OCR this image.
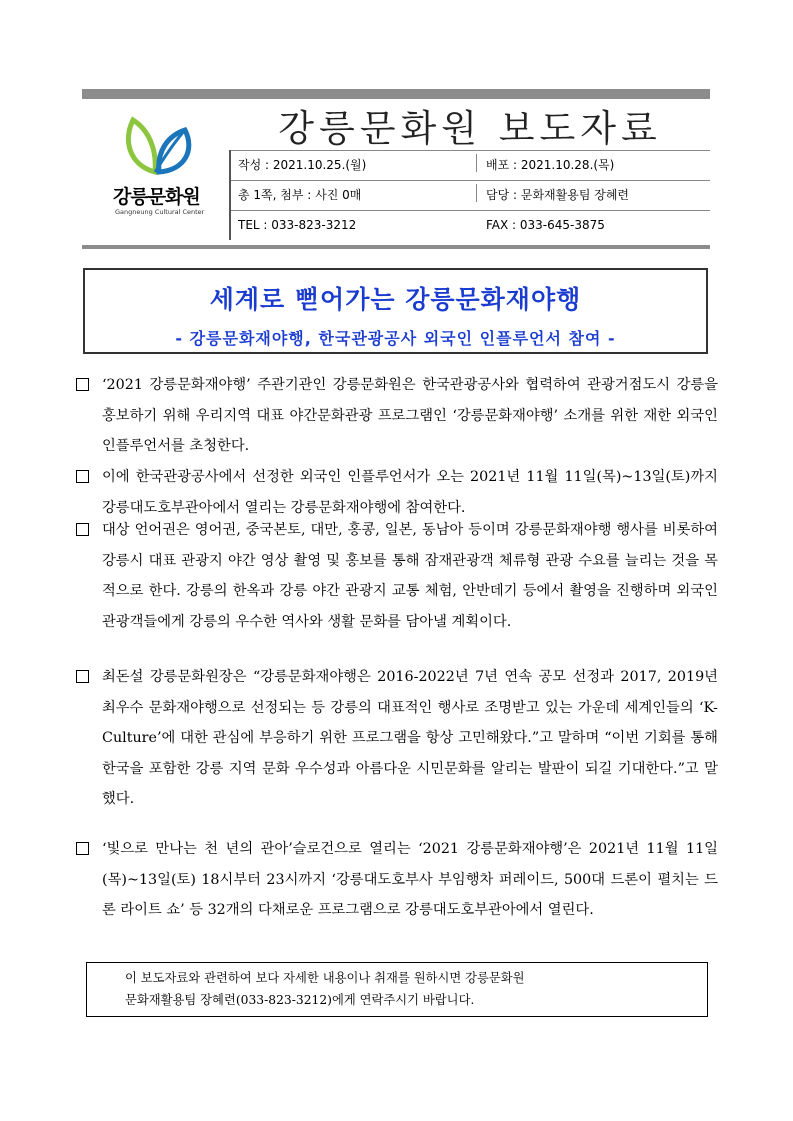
강릉문화원
Gangneung Cultural Center
강릉문화원 보도자료
작성 : 2021.10.25.(월)	배포 : 2021.10.28.(목)
총 1쪽, 첨부 : 사진 0매	담당 : 문화재활용팀 장혜련
TEL : 033-823-3212	FAX : 033-645-3875
세계로 뻗어가는 강릉문화재야행
- 강릉문화재야행, 한국관광공사 외국인 인플루언서 참여 -
‘2021 강릉문화재야행’ 주관기관인 강릉문화원은 한국관광공사와 협력하여 관광거점도시 강릉을 홍보하기 위해 우리지역 대표 야간문화관광 프로그램인 ‘강릉문화재야행’ 소개를 위한 재한 외국인 인플루언서를 초청한다.
이에 한국관광공사에서 선정한 외국인 인플루언서가 오는 2021년 11월 11일(목)~13일(토)까지 강릉대도호부관아에서 열리는 강릉문화재야행에 참여한다.
대상 언어권은 영어권, 중국본토, 대만, 홍콩, 일본, 동남아 등이며 강릉문화재야행 행사를 비롯하여 강릉시 대표 관광지 야간 영상 촬영 및 홍보를 통해 잠재관광객 체류형 관광 수요를 늘리는 것을 목적으로 한다. 강릉의 한옥과 강릉 야간 관광지 교통 체험, 안반데기 등에서 촬영을 진행하며 외국인 관광객들에게 강릉의 우수한 역사와 생활 문화를 담아낼 계획이다.
최돈설 강릉문화원장은 “강릉문화재야행은 2016-2022년 7년 연속 공모 선정과 2017, 2019년 최우수 문화재야행으로 선정되는 등 강릉의 대표적인 행사로 조명받고 있는 가운데 세계인들의 ‘K-Culture’에 대한 관심에 부응하기 위한 프로그램을 항상 고민해왔다.”고 말하며 “이번 기회를 통해 한국을 포함한 강릉 지역 문화 우수성과 아름다운 시민문화를 알리는 발판이 되길 기대한다.”고 말했다.
‘빛으로 만나는 천 년의 관아’슬로건으로 열리는 ‘2021 강릉문화재야행’은 2021년 11월 11일(목)~13일(토) 18시부터 23시까지 ‘강릉대도호부사 부임행차 퍼레이드, 500대 드론이 펼치는 드론 라이트 쇼’ 등 32개의 다채로운 프로그램으로 강릉대도호부관아에서 열린다.
이 보도자료와 관련하여 보다 자세한 내용이나 취재를 원하시면 강릉문화원
문화재활용팀 장혜련(033-823-3212)에게 연락주시기 바랍니다.
